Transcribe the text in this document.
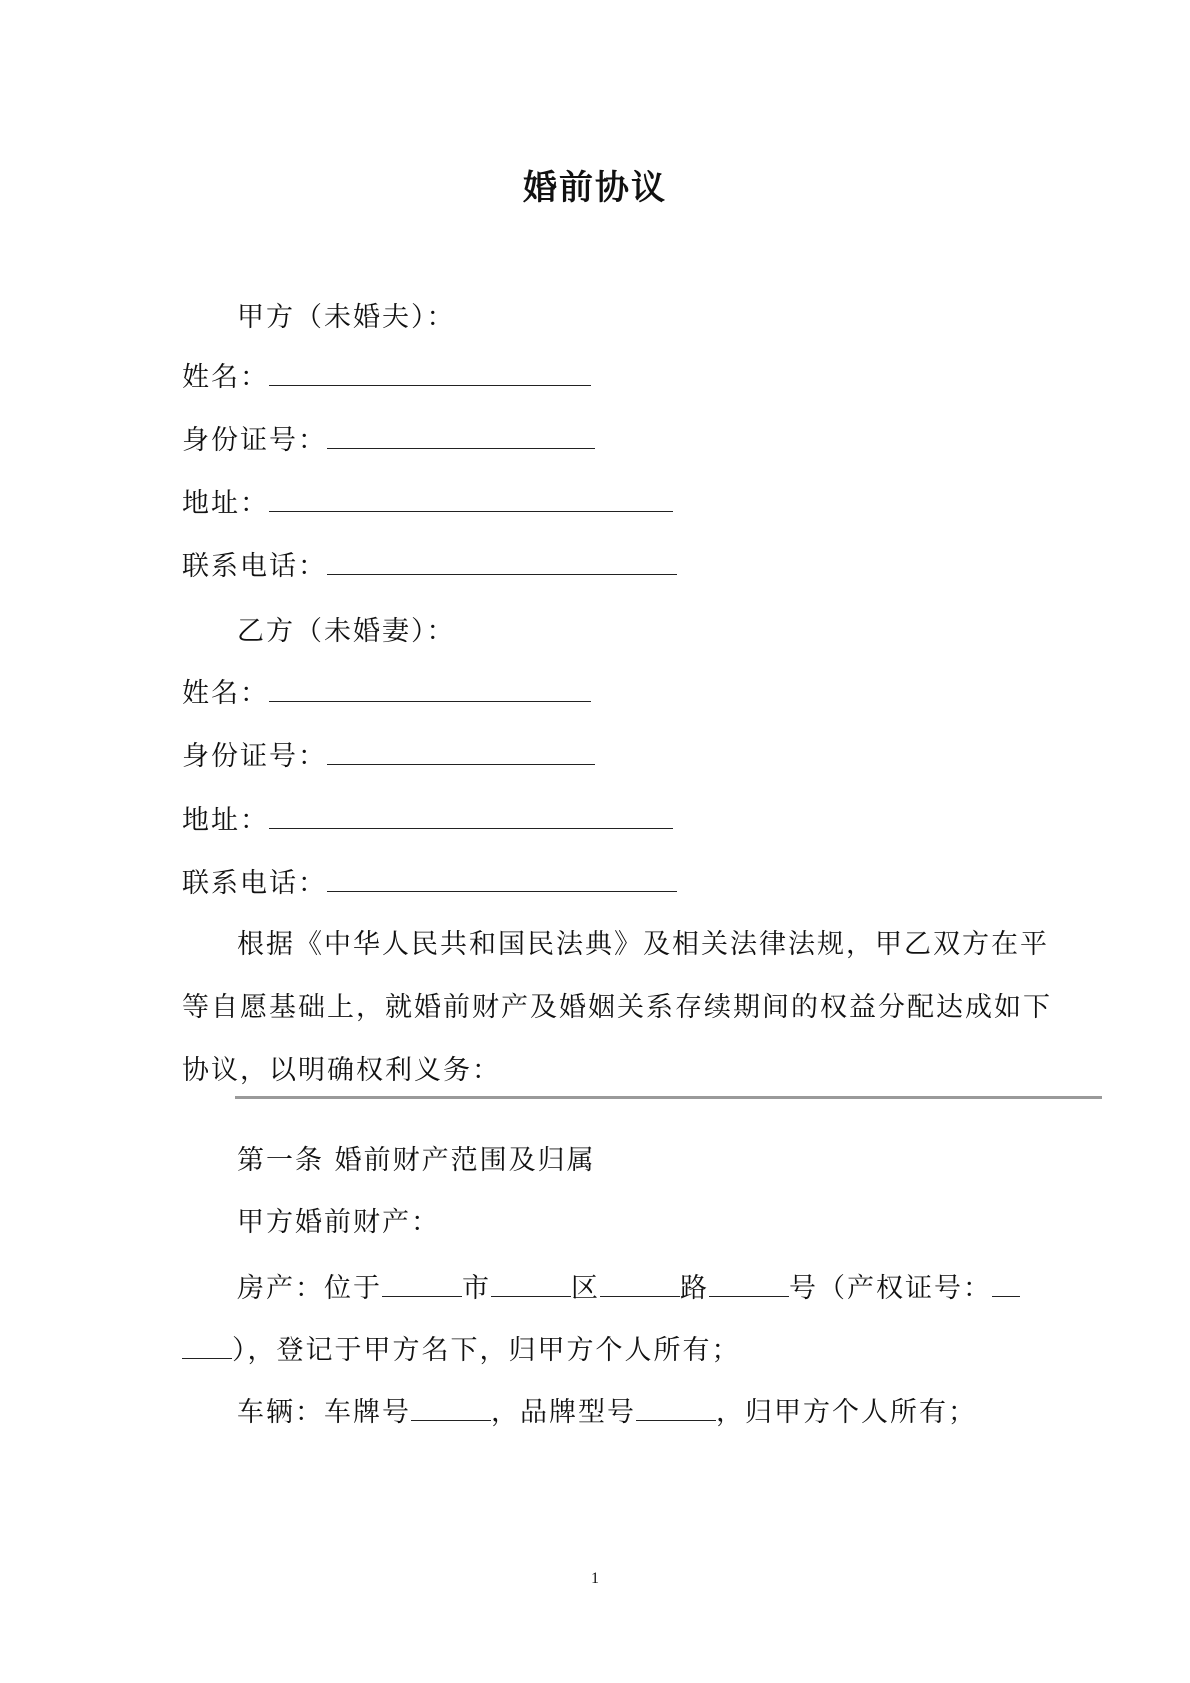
婚前协议
甲方（未婚夫）：
姓名：
身份证号：
地址：
联系电话：
乙方（未婚妻）：
姓名：
身份证号：
地址：
联系电话：
根据《中华人民共和国民法典》及相关法律法规，甲乙双方在平
等自愿基础上，就婚前财产及婚姻关系存续期间的权益分配达成如下
协议，以明确权利义务：
第一条 婚前财产范围及归属
甲方婚前财产：
房产：位于	市	区	路	号（产权证号：
），登记于甲方名下，归甲方个人所有；
车辆：车牌号	，品牌型号	，归甲方个人所有；
1
